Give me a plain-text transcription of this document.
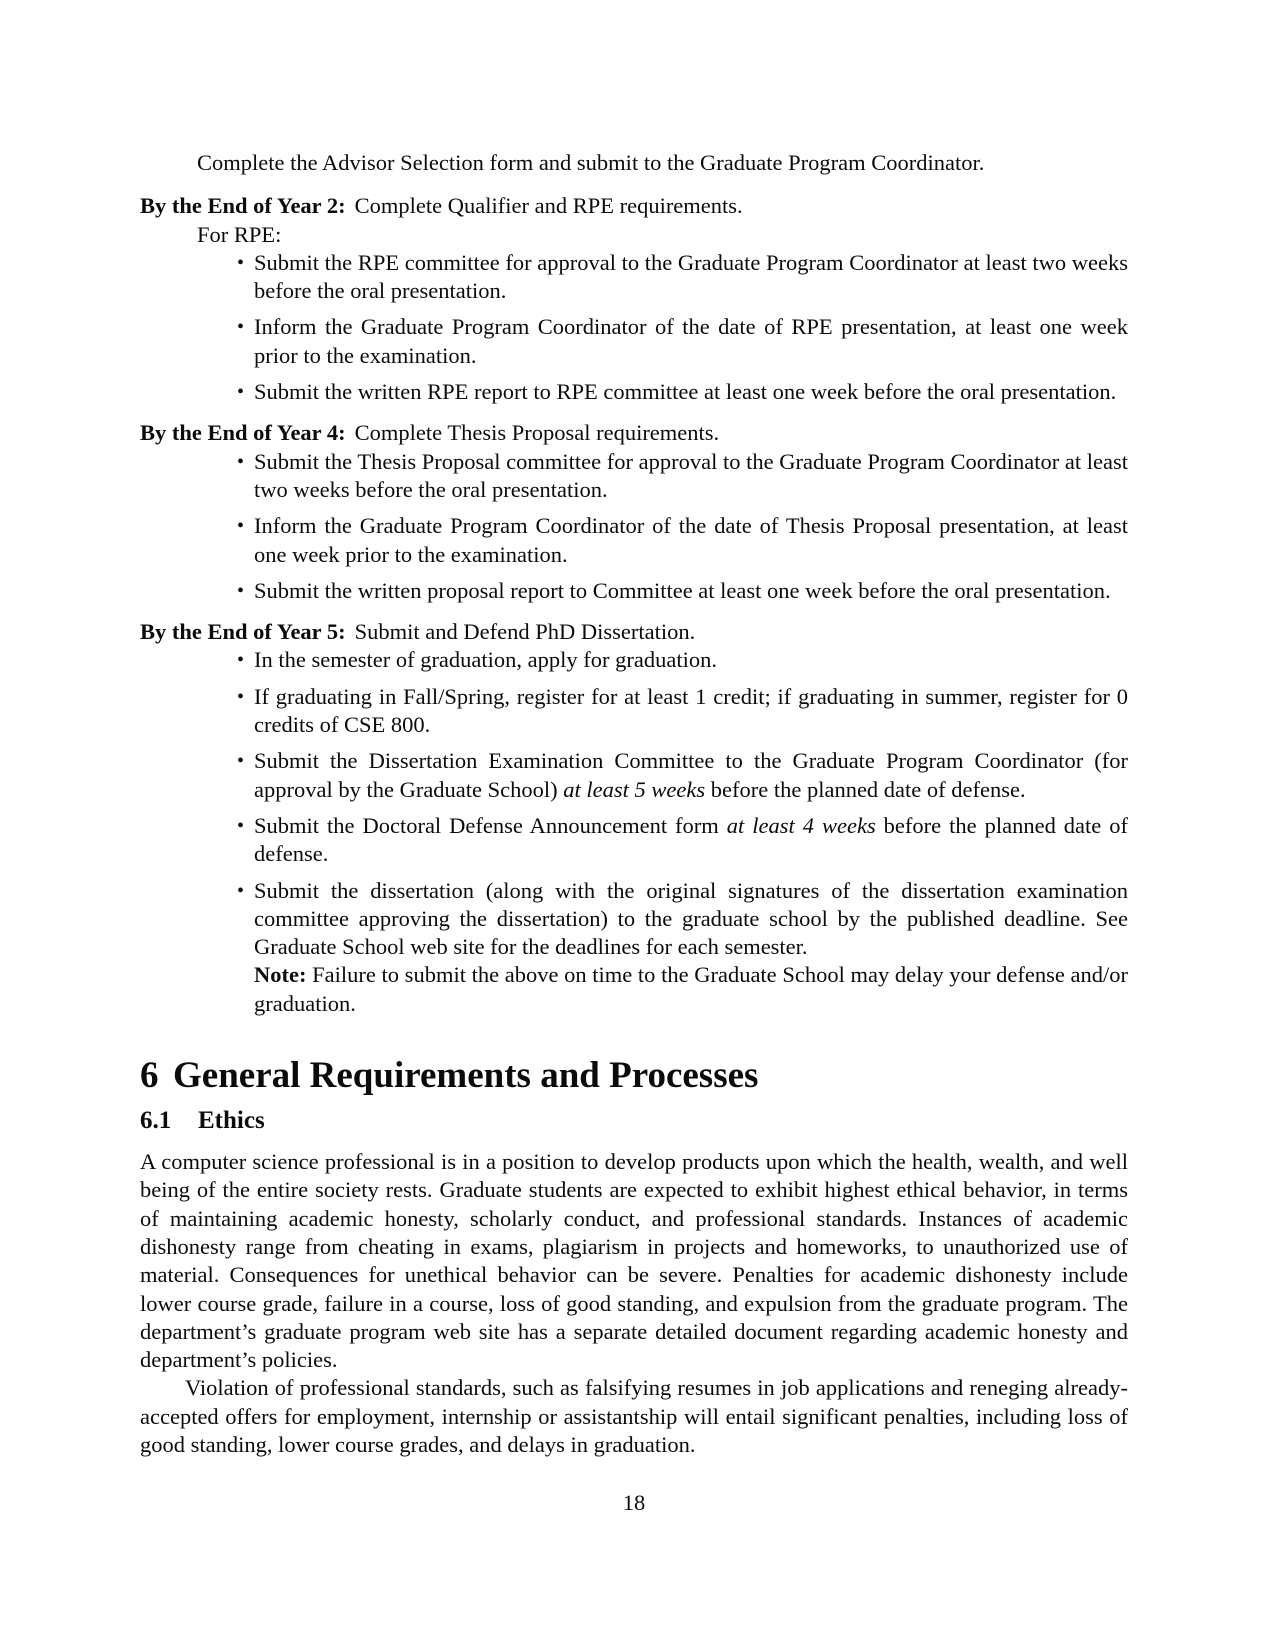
Complete the Advisor Selection form and submit to the Graduate Program Coordinator.

By the End of Year 2: Complete Qualifier and RPE requirements.

For RPE:

• Submit the RPE committee for approval to the Graduate Program Coordinator at least two weeks before the oral presentation.
• Inform the Graduate Program Coordinator of the date of RPE presentation, at least one week prior to the examination.
• Submit the written RPE report to RPE committee at least one week before the oral presentation.

By the End of Year 4: Complete Thesis Proposal requirements.

• Submit the Thesis Proposal committee for approval to the Graduate Program Coordinator at least two weeks before the oral presentation.
• Inform the Graduate Program Coordinator of the date of Thesis Proposal presentation, at least one week prior to the examination.
• Submit the written proposal report to Committee at least one week before the oral presentation.

By the End of Year 5: Submit and Defend PhD Dissertation.

• In the semester of graduation, apply for graduation.
• If graduating in Fall/Spring, register for at least 1 credit; if graduating in summer, register for 0 credits of CSE 800.
• Submit the Dissertation Examination Committee to the Graduate Program Coordinator (for approval by the Graduate School) at least 5 weeks before the planned date of defense.
• Submit the Doctoral Defense Announcement form at least 4 weeks before the planned date of defense.
• Submit the dissertation (along with the original signatures of the dissertation examination committee approving the dissertation) to the graduate school by the published deadline. See Graduate School web site for the deadlines for each semester.

Note: Failure to submit the above on time to the Graduate School may delay your defense and/or graduation.

6 General Requirements and Processes
6.1 Ethics

A computer science professional is in a position to develop products upon which the health, wealth, and well being of the entire society rests. Graduate students are expected to exhibit highest ethical behavior, in terms of maintaining academic honesty, scholarly conduct, and professional standards. Instances of academic dishonesty range from cheating in exams, plagiarism in projects and homeworks, to unauthorized use of material. Consequences for unethical behavior can be severe. Penalties for academic dishonesty include lower course grade, failure in a course, loss of good standing, and expulsion from the graduate program. The department’s graduate program web site has a separate detailed document regarding academic honesty and department’s policies.

Violation of professional standards, such as falsifying resumes in job applications and reneging already-accepted offers for employment, internship or assistantship will entail significant penalties, including loss of good standing, lower course grades, and delays in graduation.

18
